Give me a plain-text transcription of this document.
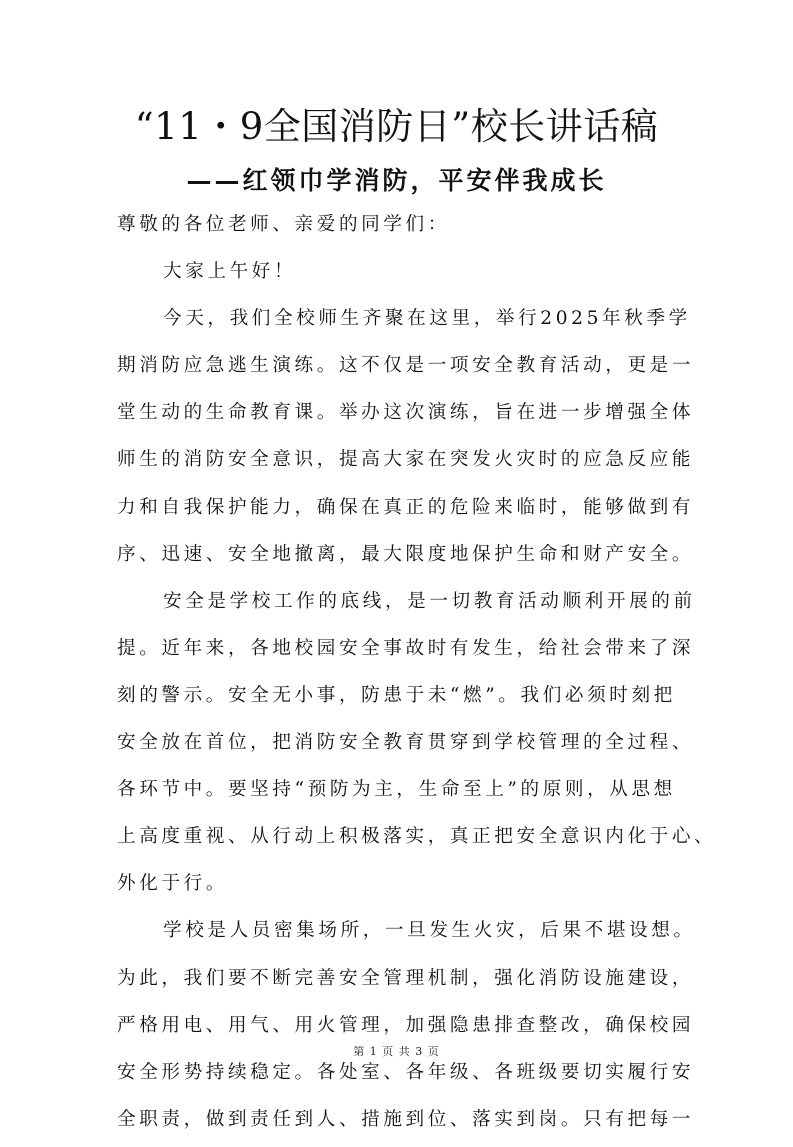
“11・9全国消防日”校长讲话稿
——红领巾学消防，平安伴我成长
尊敬的各位老师、亲爱的同学们：
大家上午好！
今天，我们全校师生齐聚在这里，举行2025年秋季学
期消防应急逃生演练。这不仅是一项安全教育活动，更是一
堂生动的生命教育课。举办这次演练，旨在进一步增强全体
师生的消防安全意识，提高大家在突发火灾时的应急反应能
力和自我保护能力，确保在真正的危险来临时，能够做到有
序、迅速、安全地撤离，最大限度地保护生命和财产安全。
安全是学校工作的底线，是一切教育活动顺利开展的前
提。近年来，各地校园安全事故时有发生，给社会带来了深
刻的警示。安全无小事，防患于未“燃”。我们必须时刻把
安全放在首位，把消防安全教育贯穿到学校管理的全过程、
各环节中。要坚持“预防为主，生命至上”的原则，从思想
上高度重视、从行动上积极落实，真正把安全意识内化于心、
外化于行。
学校是人员密集场所，一旦发生火灾，后果不堪设想。
为此，我们要不断完善安全管理机制，强化消防设施建设，
严格用电、用气、用火管理，加强隐患排查整改，确保校园
安全形势持续稳定。各处室、各年级、各班级要切实履行安
全职责，做到责任到人、措施到位、落实到岗。只有把每一
第 1 页 共 3 页
